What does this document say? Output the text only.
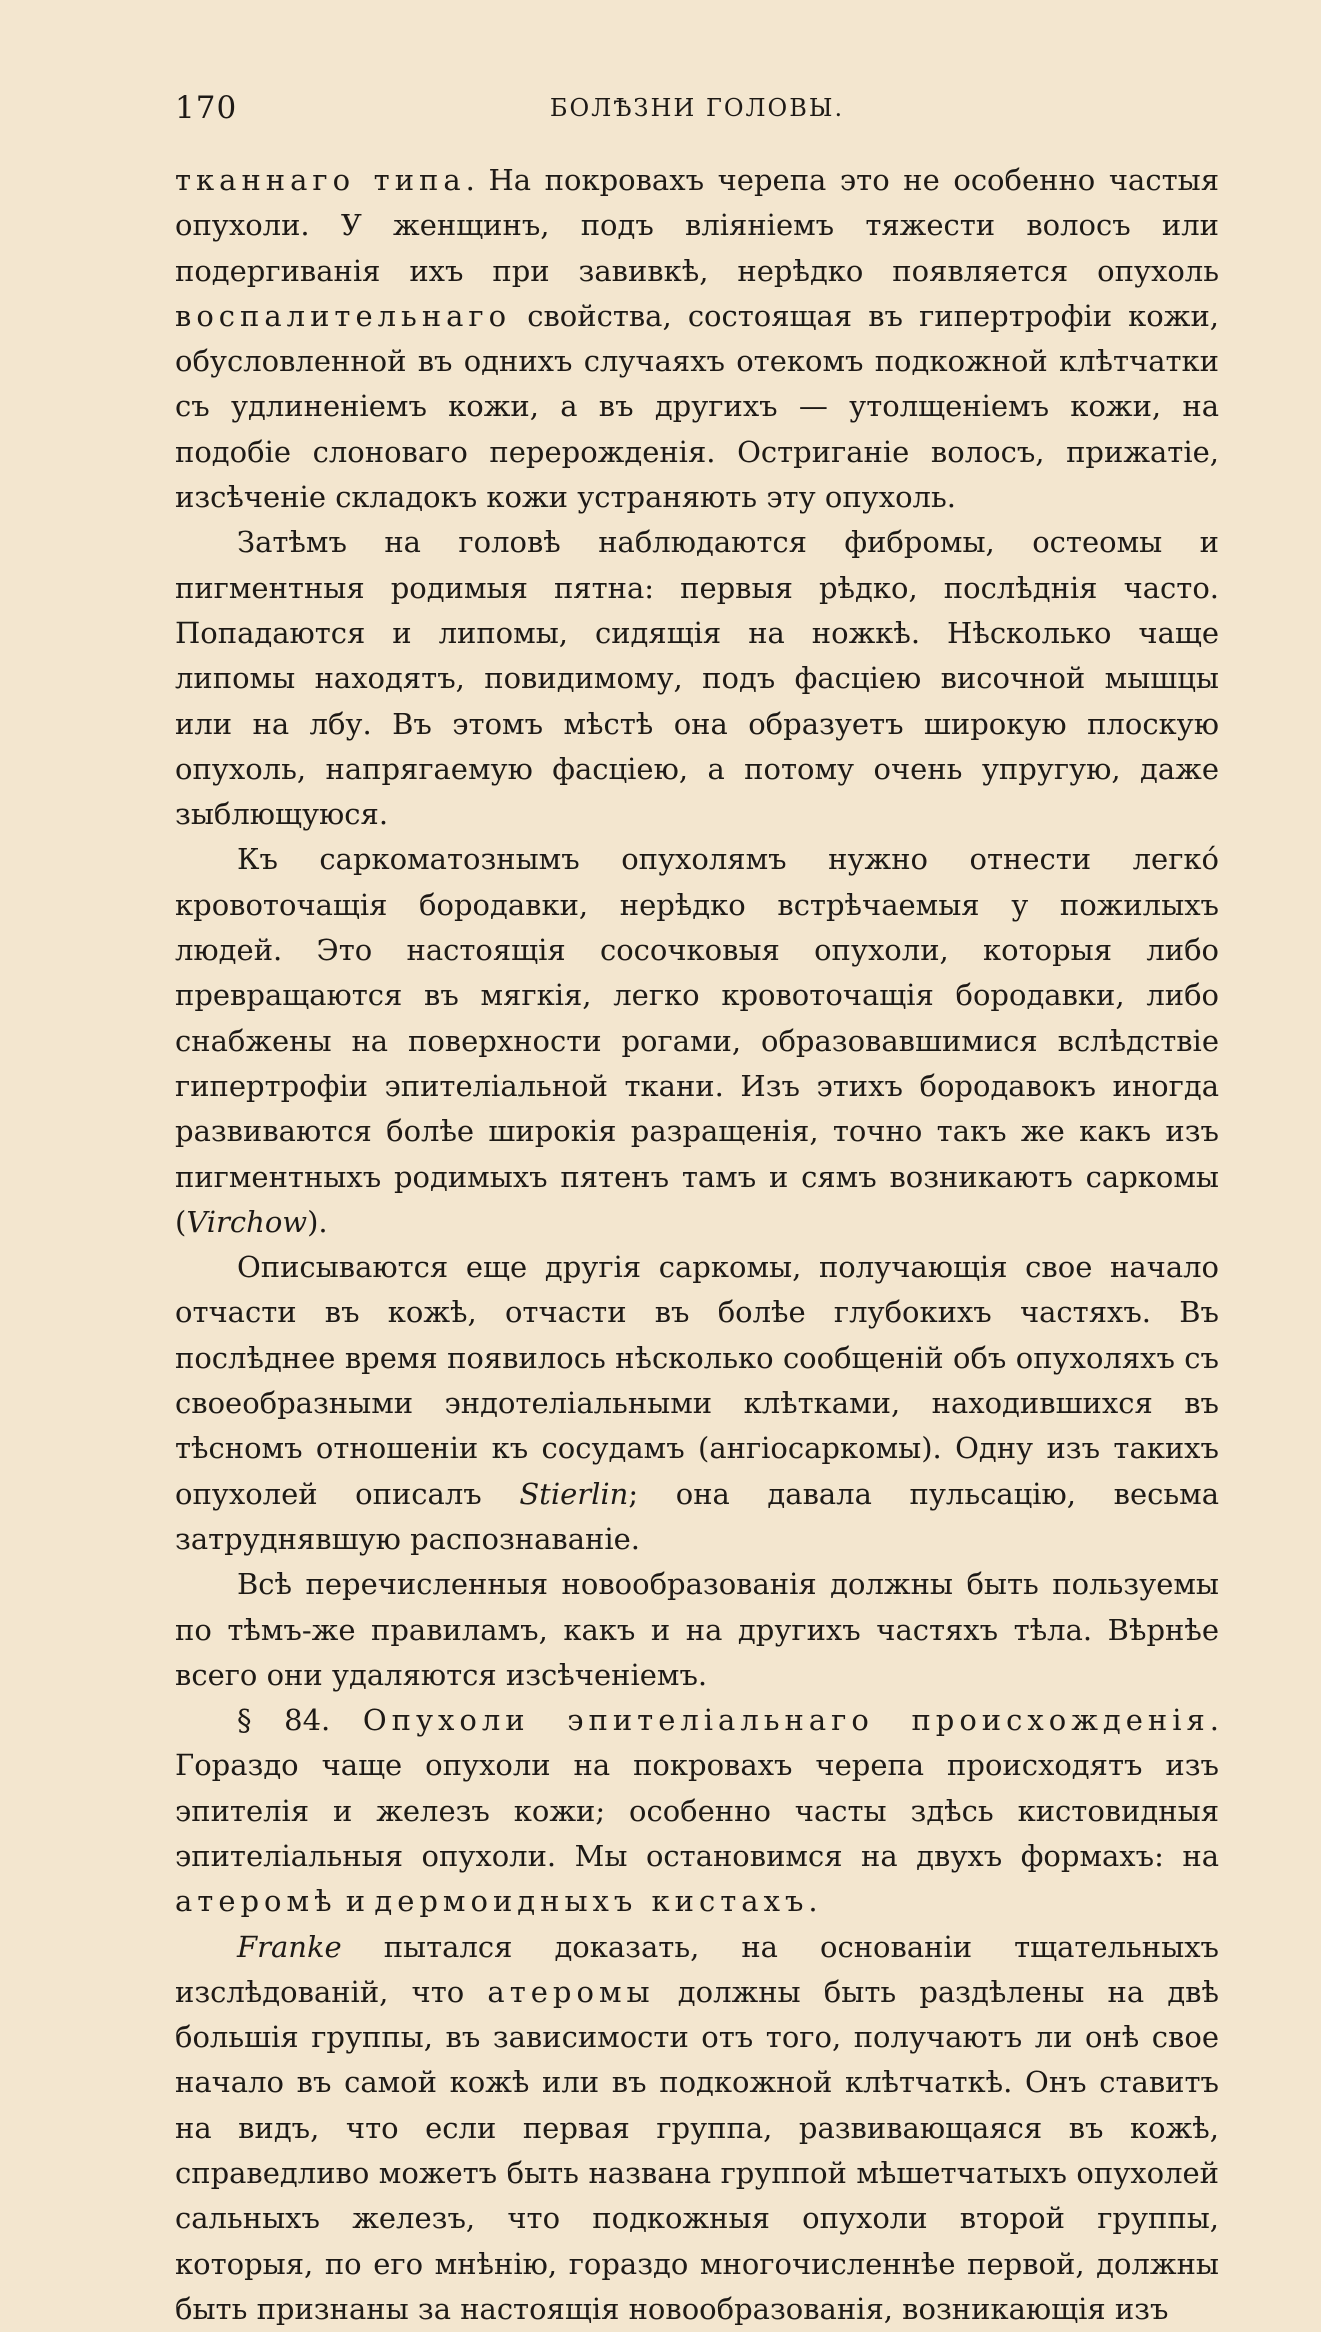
170	БОЛѢЗНИ ГОЛОВЫ.

тканнаго типа. На покровахъ черепа это не особенно частыя опухоли. У женщинъ, подъ вліяніемъ тяжести волосъ или подергиванія ихъ при завивкѣ, нерѣдко появляется опухоль воспалительнаго свойства, состоящая въ гипертрофіи кожи, обусловленной въ однихъ случаяхъ отекомъ подкожной клѣтчатки съ удлиненіемъ кожи, а въ другихъ — утолщеніемъ кожи, на подобіе слоноваго перерожденія. Остриганіе волосъ, прижатіе, изсѣченіе складокъ кожи устраняють эту опухоль.

Затѣмъ на головѣ наблюдаются фибромы, остеомы и пигментныя родимыя пятна: первыя рѣдко, послѣднія часто. Попадаются и липомы, сидящія на ножкѣ. Нѣсколько чаще липомы находятъ, повидимому, подъ фасціею височной мышцы или на лбу. Въ этомъ мѣстѣ она образуетъ широкую плоскую опухоль, напрягаемую фасціею, а потому очень упругую, даже зыблющуюся.

Къ саркоматознымъ опухолямъ нужно отнести легко́ кровоточащія бородавки, нерѣдко встрѣчаемыя у пожилыхъ людей. Это настоящія сосочковыя опухоли, которыя либо превращаются въ мягкія, легко кровоточащія бородавки, либо снабжены на поверхности рогами, образовавшимися вслѣдствіе гипертрофіи эпителіальной ткани. Изъ этихъ бородавокъ иногда развиваются болѣе широкія разращенія, точно такъ же какъ изъ пигментныхъ родимыхъ пятенъ тамъ и сямъ возникаютъ саркомы (Virchow).

Описываются еще другія саркомы, получающія свое начало отчасти въ кожѣ, отчасти въ болѣе глубокихъ частяхъ. Въ послѣднее время появилось нѣсколько сообщеній объ опухоляхъ съ своеобразными эндотеліальными клѣтками, находившихся въ тѣсномъ отношеніи къ сосудамъ (ангіосаркомы). Одну изъ такихъ опухолей описалъ Stierlin; она давала пульсацію, весьма затруднявшую распознаваніе.

Всѣ перечисленныя новообразованія должны быть пользуемы по тѣмъ-же правиламъ, какъ и на другихъ частяхъ тѣла. Вѣрнѣе всего они удаляются изсѣченіемъ.

§ 84. Опухоли эпителіальнаго происхожденія. Гораздо чаще опухоли на покровахъ черепа происходятъ изъ эпителія и железъ кожи; особенно часты здѣсь кистовидныя эпителіальныя опухоли. Мы остановимся на двухъ формахъ: на атеромѣ и дермоидныхъ кистахъ.

Franke пытался доказать, на основаніи тщательныхъ изслѣдованій, что атеромы должны быть раздѣлены на двѣ большія группы, въ зависимости отъ того, получаютъ ли онѣ свое начало въ самой кожѣ или въ подкожной клѣтчаткѣ. Онъ ставитъ на видъ, что если первая группа, развивающаяся въ кожѣ, справедливо можетъ быть названа группой мѣшетчатыхъ опухолей сальныхъ железъ, что подкожныя опухоли второй группы, которыя, по его мнѣнію, гораздо многочисленнѣе первой, должны быть признаны за настоящія новообразованія, возникающія изъ
